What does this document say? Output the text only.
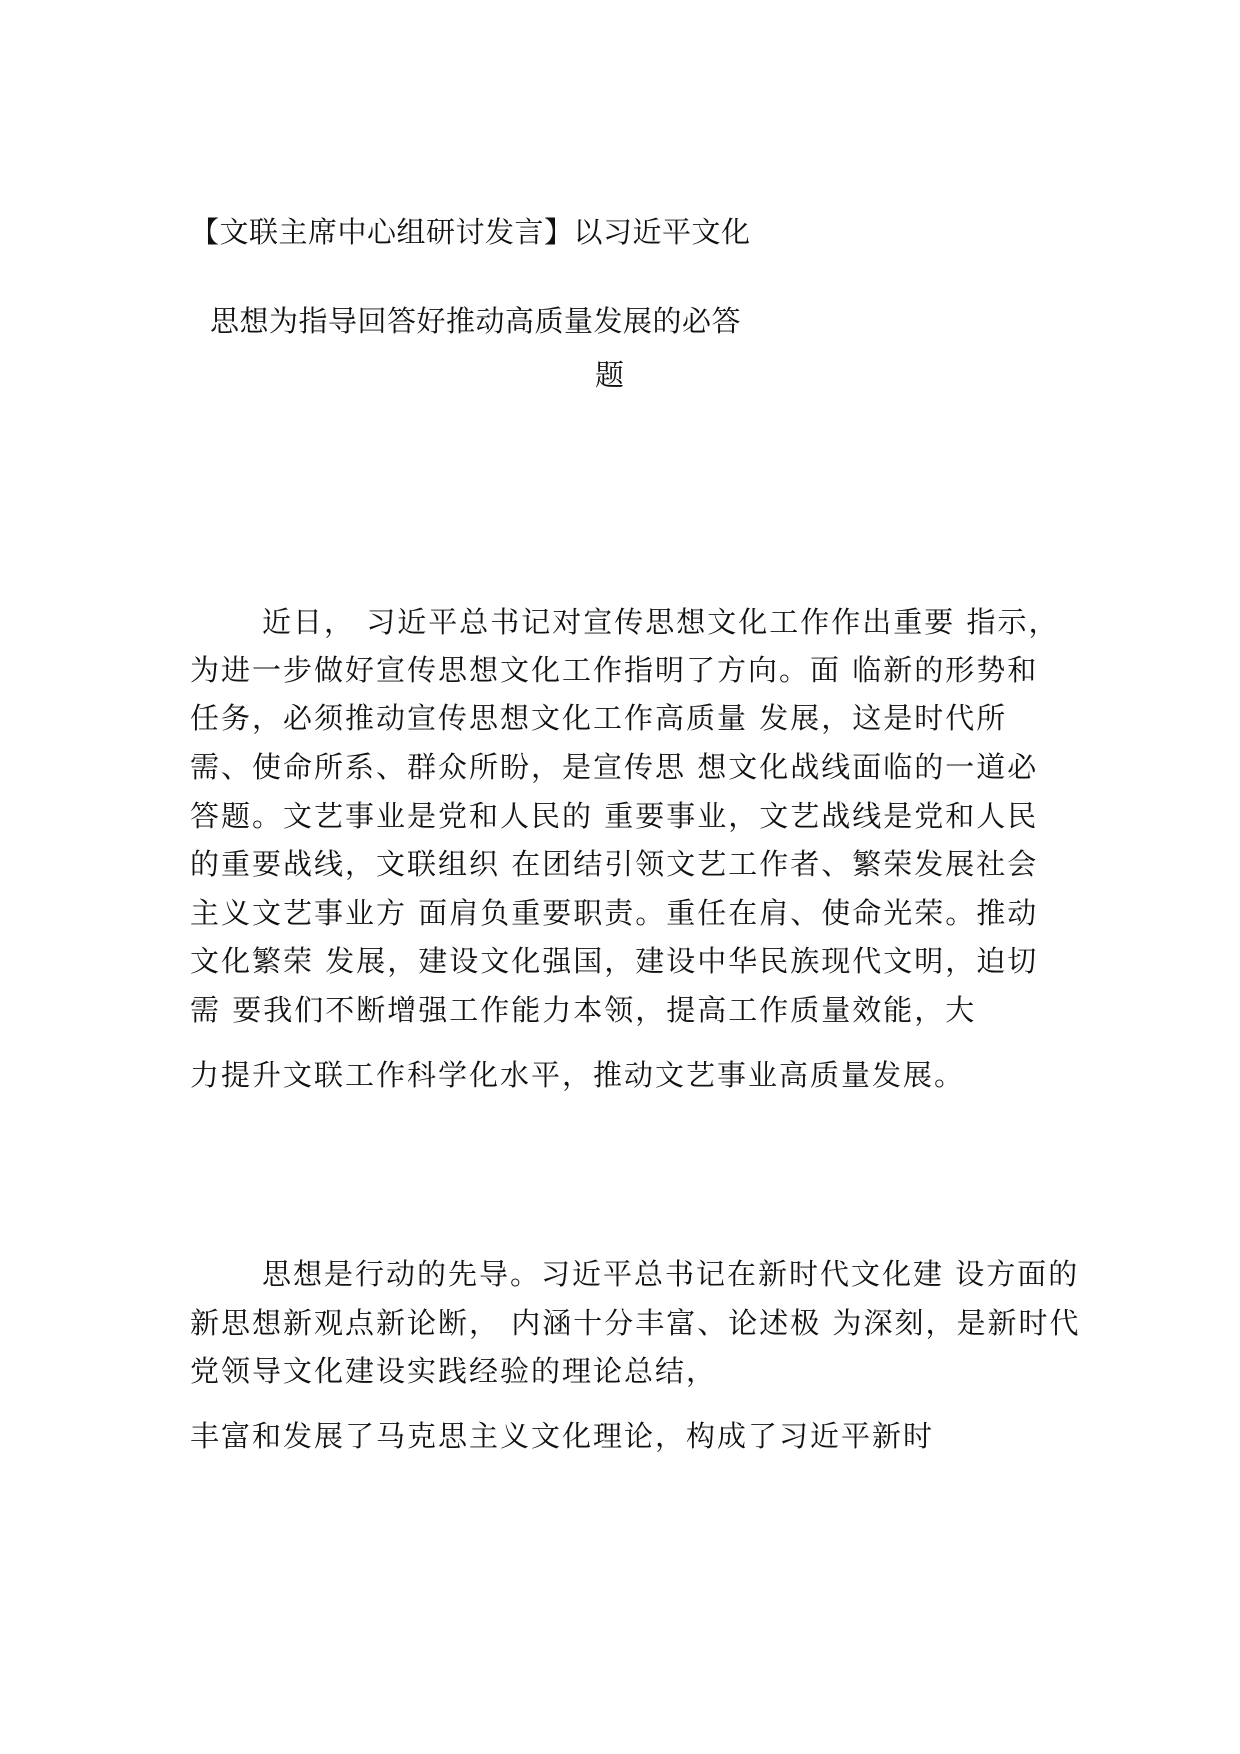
【文联主席中心组研讨发言】以习近平文化
思想为指导回答好推动高质量发展的必答
题
近日， 习近平总书记对宣传思想文化工作作出重要 指示，
为进一步做好宣传思想文化工作指明了方向。面 临新的形势和
任务，必须推动宣传思想文化工作高质量 发展，这是时代所
需、使命所系、群众所盼，是宣传思 想文化战线面临的一道必
答题。文艺事业是党和人民的 重要事业，文艺战线是党和人民
的重要战线，文联组织 在团结引领文艺工作者、繁荣发展社会
主义文艺事业方 面肩负重要职责。重任在肩、使命光荣。推动
文化繁荣 发展，建设文化强国，建设中华民族现代文明，迫切
需 要我们不断增强工作能力本领，提高工作质量效能，大
力提升文联工作科学化水平，推动文艺事业高质量发展。
思想是行动的先导。习近平总书记在新时代文化建 设方面的
新思想新观点新论断， 内涵十分丰富、论述极 为深刻，是新时代
党领导文化建设实践经验的理论总结，
丰富和发展了马克思主义文化理论，构成了习近平新时
